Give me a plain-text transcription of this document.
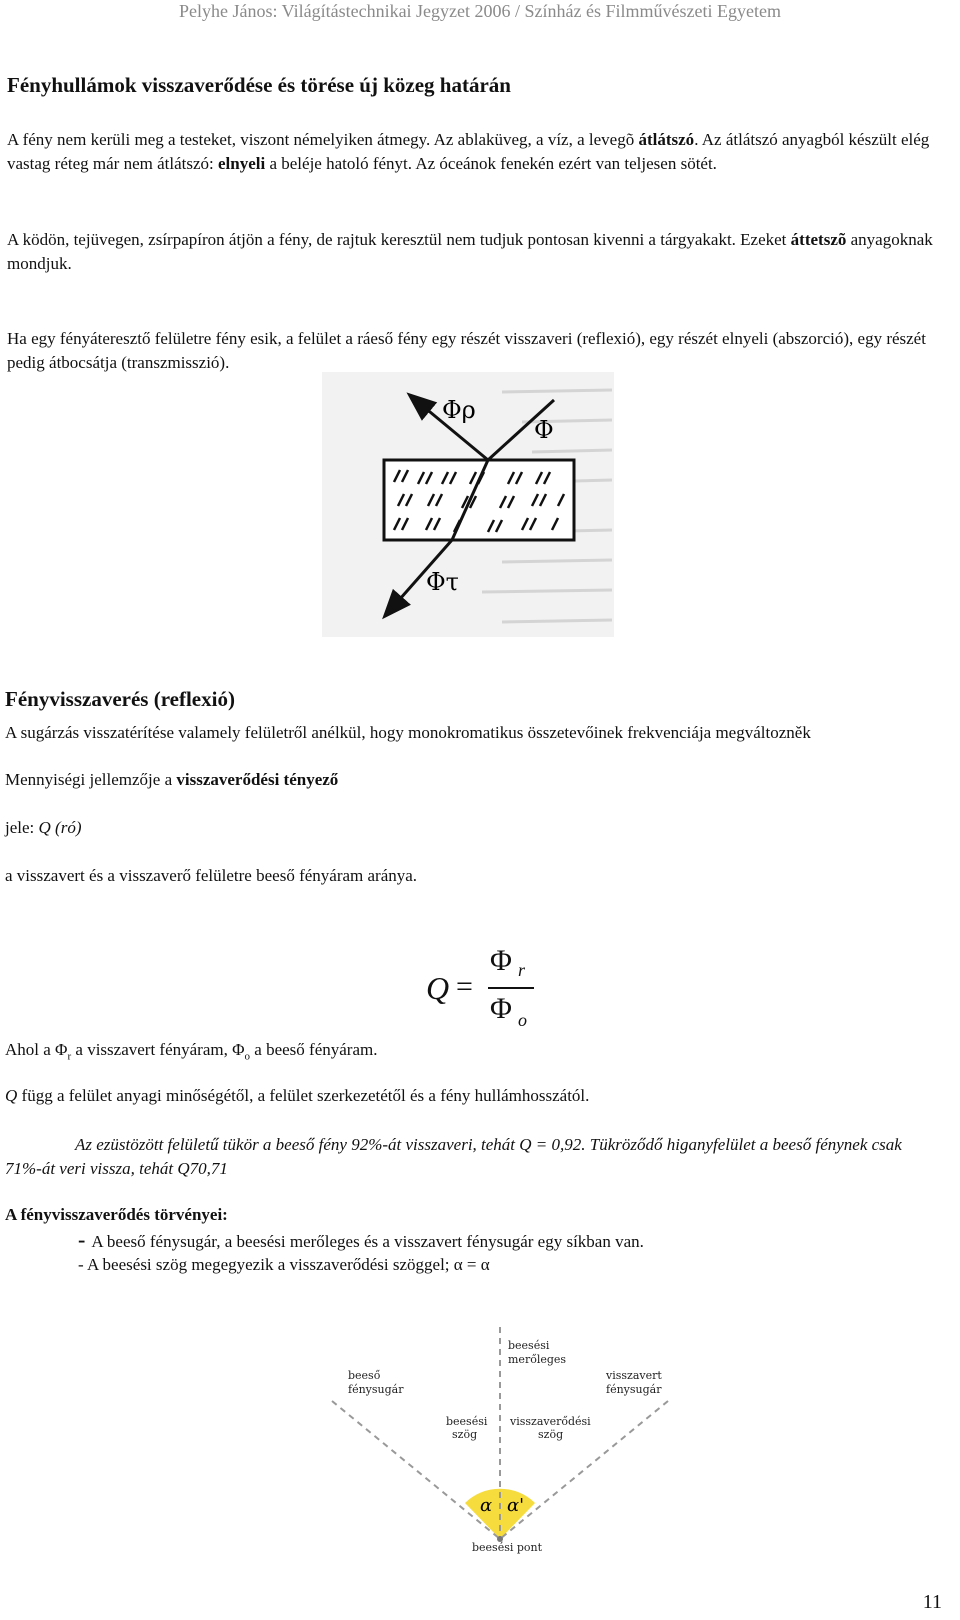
Pelyhe János: Világítástechnikai Jegyzet 2006 / Színház és Filmművészeti Egyetem
Fényhullámok visszaverődése és törése új közeg határán

A fény nem kerüli meg a testeket, viszont némelyiken átmegy. Az ablaküveg, a víz, a levegõ átlátszó. Az átlátszó anyagból készült elég vastag réteg már nem átlátszó: elnyeli a beléje hatoló fényt. Az óceánok fenekén ezért van teljesen sötét.

A ködön, tejüvegen, zsírpapíron átjön a fény, de rajtuk keresztül nem tudjuk pontosan kivenni a tárgyakakt. Ezeket áttetszõ anyagoknak mondjuk.

Ha egy fényáteresztő felületre fény esik, a felület a ráeső fény egy részét visszaveri (reflexió), egy részét elnyeli (abszorció), egy részét pedig átbocsátja (transzmisszió).

Φρ
Φ
Φτ
Fényvisszaverés (reflexió)

A sugárzás visszatérítése valamely felületről anélkül, hogy monokromatikus összetevőinek frekvenciája megváltozněk

Mennyiségi jellemzője a visszaverődési tényező

jele: Q (ró)

a visszavert és a visszaverő felületre beeső fényáram aránya.

Q =
Φ r
Φ o

Ahol a $\Phi_r$ a visszavert fényáram, $\Phi_o$ a beeső fényáram.

Q függ a felület anyagi minőségétől, a felület szerkezetétől és a fény hullámhosszától.

Az ezüstözött felületű tükör a beeső fény 92%-át visszaveri, tehát Q = 0,92. Tükröződő higanyfelület a beeső fénynek csak 71%-át veri vissza, tehát Q70,71

A fényvisszaverődés törvényei:

- A beeső fénysugár, a beesési merőleges és a visszavert fénysugár egy síkban van.
- A beesési szög megegyezik a visszaverődési szöggel; α = α
beesési
merőleges
beeső
fénysugár
visszavert
fénysugár
beesési
szög
visszaverődési
szög
beesési pont
α α'
11
